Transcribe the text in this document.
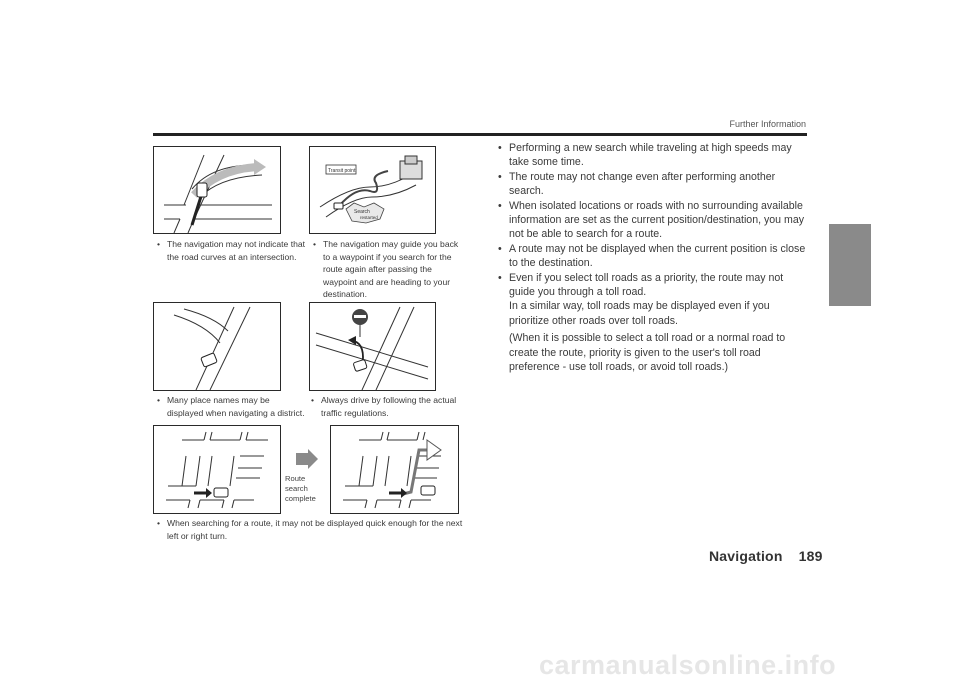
Further Information
• The navigation may not indicate that the road curves at an intersection.
Transit point
Search
restarted
• The navigation may guide you back to a waypoint if you search for the route again after passing the waypoint and are heading to your destination.
• Many place names may be displayed when navigating a district.
• Always drive by following the actual traffic regulations.
Route
search
complete
• When searching for a route, it may not be displayed quick enough for the next left or right turn.
• Performing a new search while traveling at high speeds may take some time.
• The route may not change even after performing another search.
• When isolated locations or roads with no surrounding available information are set as the current position/destination, you may not be able to search for a route.
• A route may not be displayed when the current position is close to the destination.
• Even if you select toll roads as a priority, the route may not guide you through a toll road.
In a similar way, toll roads may be displayed even if you prioritize other roads over toll roads.
(When it is possible to select a toll road or a normal road to create the route, priority is given to the user's toll road preference - use toll roads, or avoid toll roads.)
Navigation 189
carmanualsonline.info
